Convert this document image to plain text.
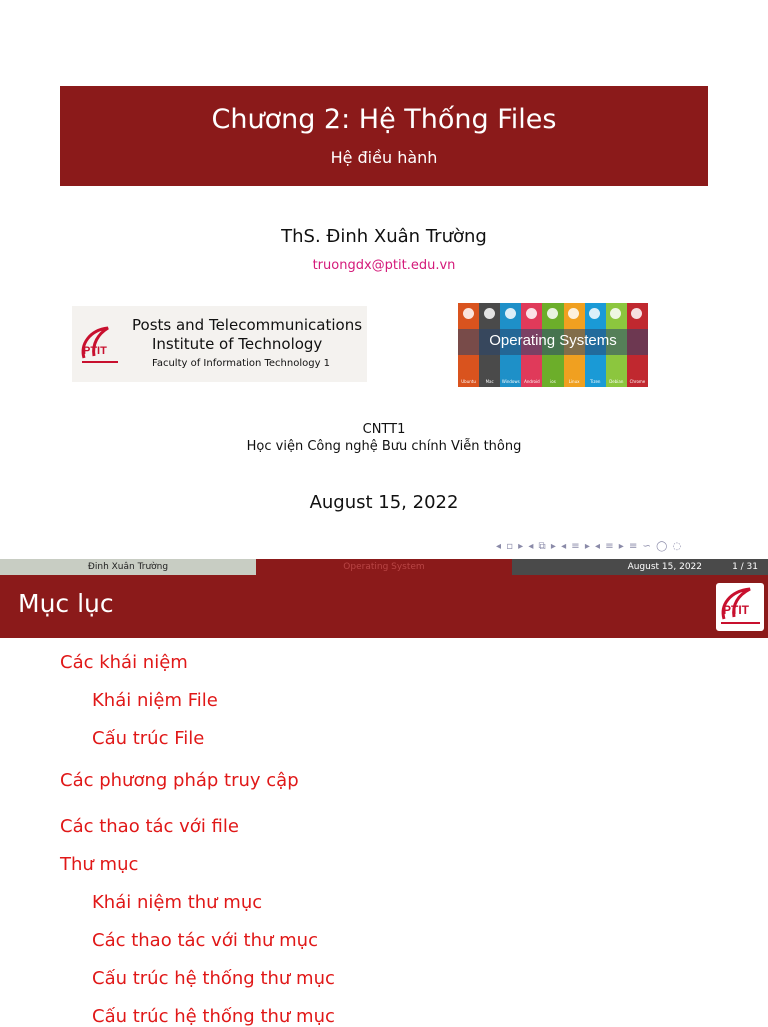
Chương 2: Hệ Thống Files
Hệ điều hành
ThS. Đinh Xuân Trường
truongdx@ptit.edu.vn
PTIT
Posts and Telecommunications
Institute of Technology
Faculty of Information Technology 1
Ubuntu	Mac	Windows	Android	ios	Linux	Tizen	Debian	Chrome
Operating Systems
CNTT1
Học viện Công nghệ Bưu chính Viễn thông
August 15, 2022
◂ ▫ ▸ ◂ ⧉ ▸ ◂ ≡ ▸ ◂ ≡ ▸ ≡ ∽ ◯ ◌
Đinh Xuân Trường	Operating System	August 15, 2022	1 / 31
Mục lục	PTIT
Các khái niệm
Khái niệm File
Cấu trúc File
Các phương pháp truy cập
Các thao tác với file
Thư mục
Khái niệm thư mục
Các thao tác với thư mục
Cấu trúc hệ thống thư mục
Cấu trúc hệ thống thư mục
